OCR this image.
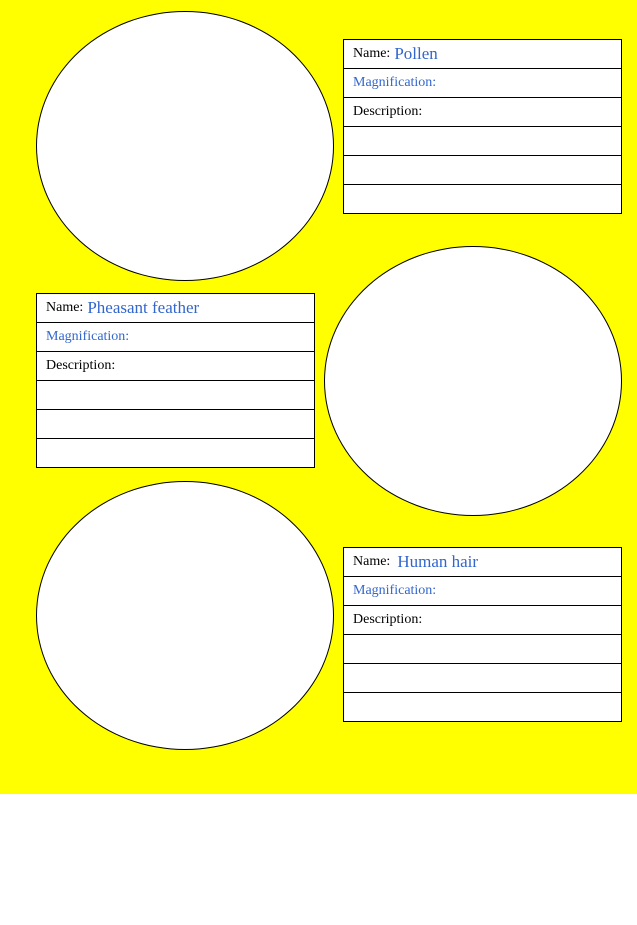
Name: Pollen
Magnification:
Description:
Name: Pheasant feather
Magnification:
Description:
Name: Human hair
Magnification:
Description:
